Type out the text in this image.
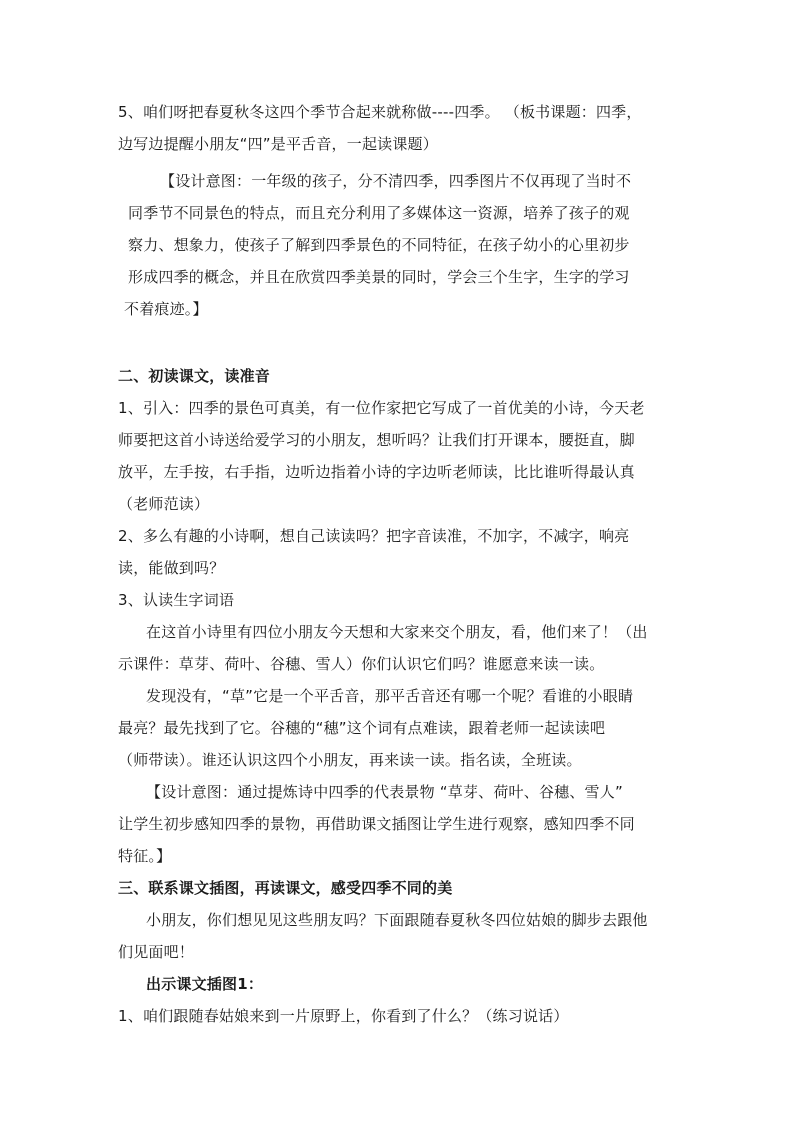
5、咱们呀把春夏秋冬这四个季节合起来就称做----四季。 （板书课题：四季，
边写边提醒小朋友“四”是平舌音，一起读课题）
【设计意图：一年级的孩子，分不清四季，四季图片不仅再现了当时不
同季节不同景色的特点，而且充分利用了多媒体这一资源，培养了孩子的观
察力、想象力，使孩子了解到四季景色的不同特征，在孩子幼小的心里初步
形成四季的概念，并且在欣赏四季美景的同时，学会三个生字，生字的学习
不着痕迹。】
二、初读课文，读准音
1、引入：四季的景色可真美，有一位作家把它写成了一首优美的小诗，今天老
师要把这首小诗送给爱学习的小朋友，想听吗？让我们打开课本，腰挺直，脚
放平，左手按，右手指，边听边指着小诗的字边听老师读，比比谁听得最认真
（老师范读）
2、多么有趣的小诗啊，想自己读读吗？把字音读准，不加字，不减字，响亮
读，能做到吗？
3、认读生字词语
在这首小诗里有四位小朋友今天想和大家来交个朋友，看，他们来了！（出
示课件：草芽、荷叶、谷穗、雪人）你们认识它们吗？谁愿意来读一读。
发现没有，“草”它是一个平舌音，那平舌音还有哪一个呢？看谁的小眼睛
最亮？最先找到了它。谷穗的“穗”这个词有点难读，跟着老师一起读读吧
（师带读）。谁还认识这四个小朋友，再来读一读。指名读，全班读。
【设计意图：通过提炼诗中四季的代表景物 “草芽、荷叶、谷穗、雪人”
让学生初步感知四季的景物，再借助课文插图让学生进行观察，感知四季不同
特征。】
三、联系课文插图，再读课文，感受四季不同的美
小朋友，你们想见见这些朋友吗？下面跟随春夏秋冬四位姑娘的脚步去跟他
们见面吧！
出示课文插图1：
1、咱们跟随春姑娘来到一片原野上，你看到了什么？（练习说话）
